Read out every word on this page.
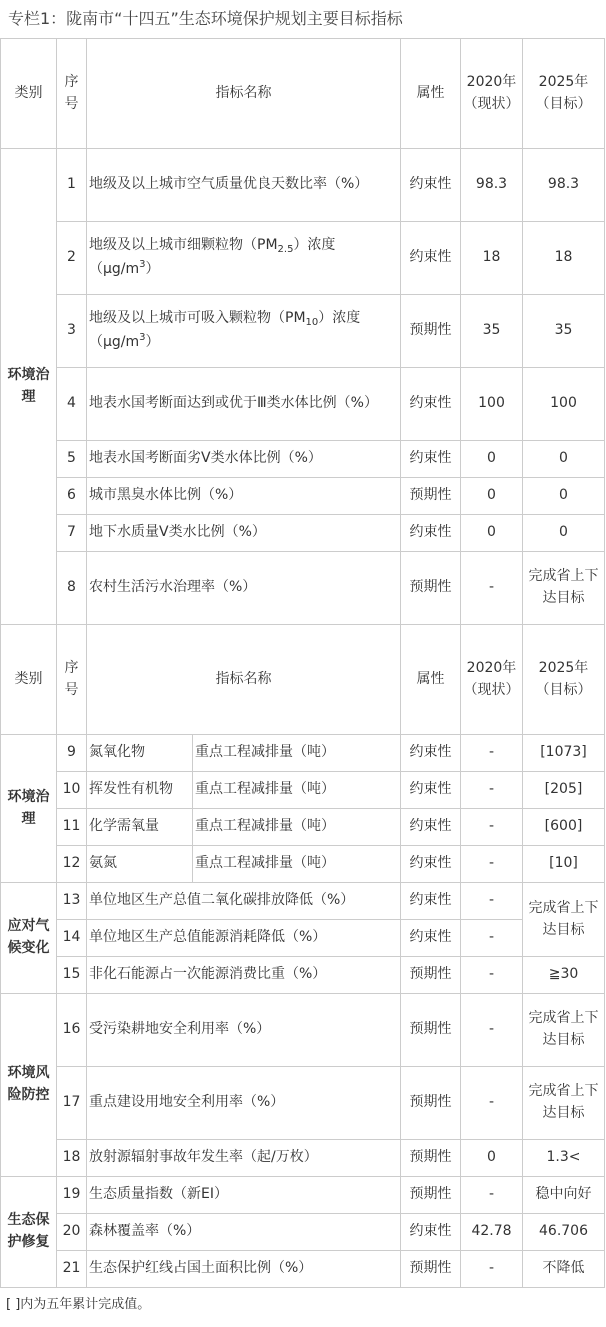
专栏1：陇南市“十四五”生态环境保护规划主要目标指标
类别	序号	指标名称		属性	2020年（现状）	2025年（目标）
环境治理	1	地级及以上城市空气质量优良天数比率（%）		约束性	98.3	98.3
	2	地级及以上城市细颗粒物$(PM_{2.5})$浓度$(\mu g/m^3)$		约束性	18	18
	3	地级及以上城市可吸入颗粒物$(PM_{10})$浓度$(\mu g/m^3)$		预期性	35	35
	4	地表水国考断面达到或优于Ⅲ类水体比例（%）		约束性	100	100
	5	地表水国考断面劣Ⅴ类水体比例（%）		约束性	0	0
	6	城市黑臭水体比例（%）		预期性	0	0
	7	地下水质量Ⅴ类水比例（%）		约束性	0	0
	8	农村生活污水治理率（%）		预期性	-	完成省上下达目标
类别	序号	指标名称		属性	2020年（现状）	2025年（目标）
环境治理	9	氮氧化物	重点工程减排量（吨）	约束性	-	[1073]
	10	挥发性有机物	重点工程减排量（吨）	约束性	-	[205]
	11	化学需氧量	重点工程减排量（吨）	约束性	-	[600]
	12	氨氮	重点工程减排量（吨）	约束性	-	[10]
应对气候变化	13	单位地区生产总值二氧化碳排放降低（%）		约束性	-	完成省上下达目标
	14	单位地区生产总值能源消耗降低（%）		约束性	-	
	15	非化石能源占一次能源消费比重（%）		预期性	-	≧30
环境风险防控	16	受污染耕地安全利用率（%）		预期性	-	完成省上下达目标
	17	重点建设用地安全利用率（%）		预期性	-	完成省上下达目标
	18	放射源辐射事故年发生率（起/万枚）		预期性	0	1.3<
生态保护修复	19	生态质量指数（新EI）		预期性	-	稳中向好
	20	森林覆盖率（%）		约束性	42.78	46.706
	21	生态保护红线占国土面积比例（%）		预期性	-	不降低
[ ]内为五年累计完成值。
